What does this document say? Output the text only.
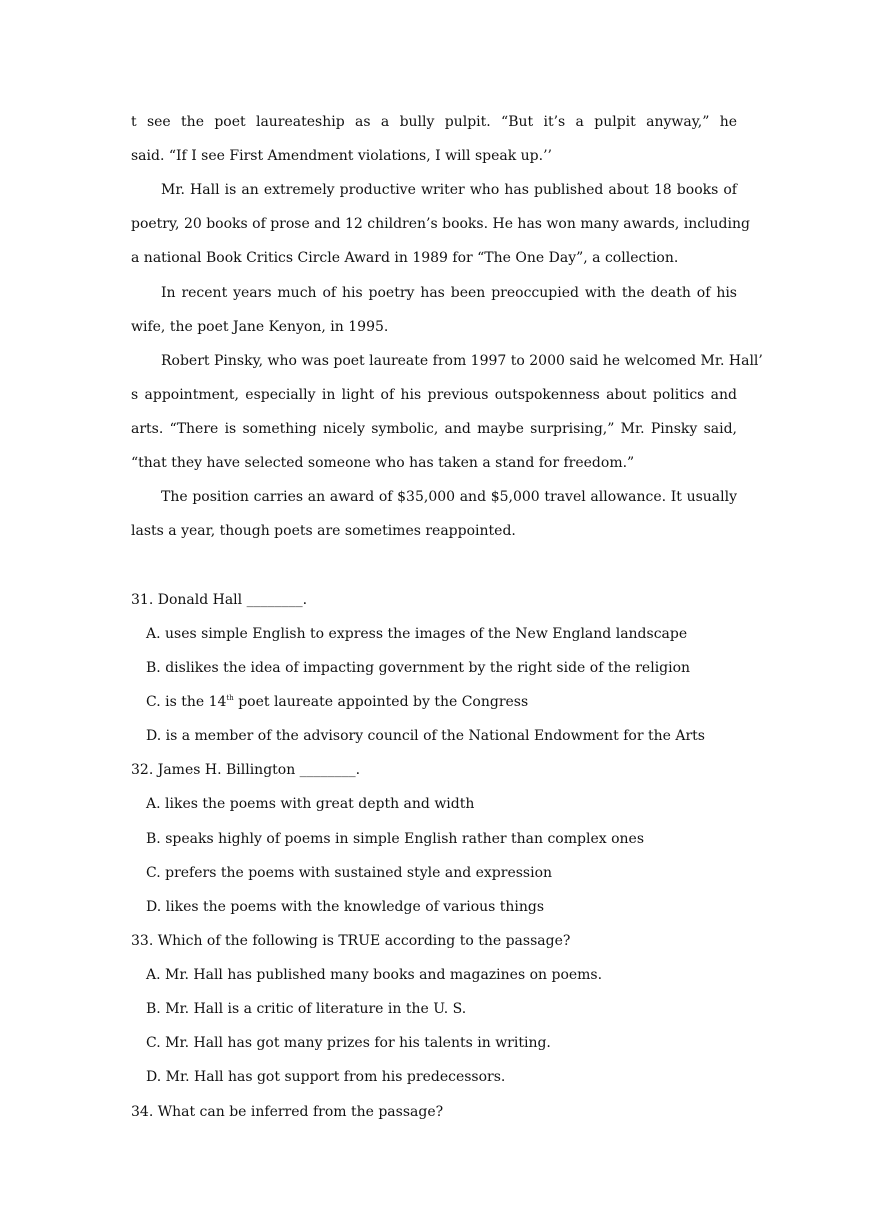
t see the poet laureateship as a bully pulpit. “But it’s a pulpit anyway,” he
said. “If I see First Amendment violations, I will speak up.’’
Mr. Hall is an extremely productive writer who has published about 18 books of
poetry, 20 books of prose and 12 children’s books. He has won many awards, including
a national Book Critics Circle Award in 1989 for “The One Day”, a collection.
In recent years much of his poetry has been preoccupied with the death of his
wife, the poet Jane Kenyon, in 1995.
Robert Pinsky, who was poet laureate from 1997 to 2000 said he welcomed Mr. Hall’
s appointment, especially in light of his previous outspokenness about politics and
arts. “There is something nicely symbolic, and maybe surprising,” Mr. Pinsky said,
“that they have selected someone who has taken a stand for freedom.”
The position carries an award of $35,000 and $5,000 travel allowance. It usually
lasts a year, though poets are sometimes reappointed.
31. Donald Hall ________.
A. uses simple English to express the images of the New England landscape
B. dislikes the idea of impacting government by the right side of the religion
C. is the 14th poet laureate appointed by the Congress
D. is a member of the advisory council of the National Endowment for the Arts
32. James H. Billington ________.
A. likes the poems with great depth and width
B. speaks highly of poems in simple English rather than complex ones
C. prefers the poems with sustained style and expression
D. likes the poems with the knowledge of various things
33. Which of the following is TRUE according to the passage?
A. Mr. Hall has published many books and magazines on poems.
B. Mr. Hall is a critic of literature in the U. S.
C. Mr. Hall has got many prizes for his talents in writing.
D. Mr. Hall has got support from his predecessors.
34. What can be inferred from the passage?
